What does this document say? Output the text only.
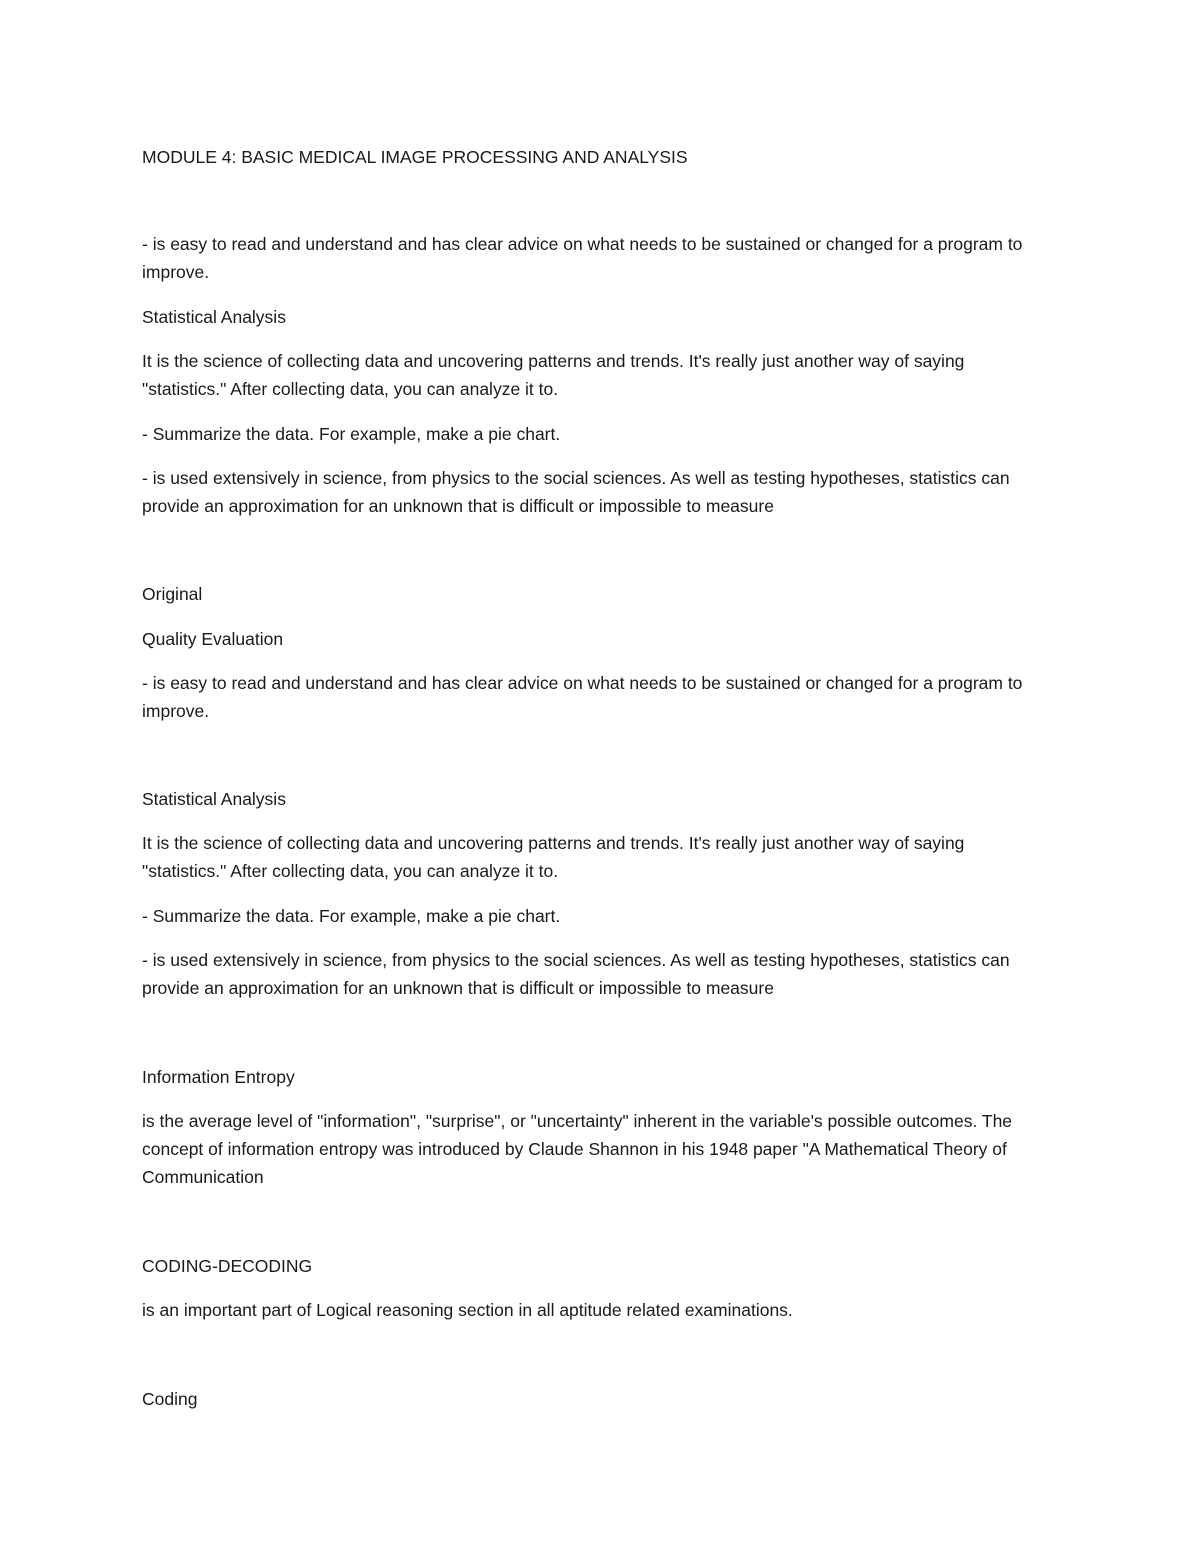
MODULE 4: BASIC MEDICAL IMAGE PROCESSING AND ANALYSIS

- is easy to read and understand and has clear advice on what needs to be sustained or changed for a program to improve.

Statistical Analysis

It is the science of collecting data and uncovering patterns and trends. It's really just another way of saying "statistics." After collecting data, you can analyze it to.

- Summarize the data. For example, make a pie chart.

- is used extensively in science, from physics to the social sciences. As well as testing hypotheses, statistics can provide an approximation for an unknown that is difficult or impossible to measure

Original

Quality Evaluation

- is easy to read and understand and has clear advice on what needs to be sustained or changed for a program to improve.

Statistical Analysis

It is the science of collecting data and uncovering patterns and trends. It's really just another way of saying "statistics." After collecting data, you can analyze it to.

- Summarize the data. For example, make a pie chart.

- is used extensively in science, from physics to the social sciences. As well as testing hypotheses, statistics can provide an approximation for an unknown that is difficult or impossible to measure

Information Entropy

is the average level of "information", "surprise", or "uncertainty" inherent in the variable's possible outcomes. The concept of information entropy was introduced by Claude Shannon in his 1948 paper "A Mathematical Theory of Communication

CODING-DECODING

is an important part of Logical reasoning section in all aptitude related examinations.

Coding
